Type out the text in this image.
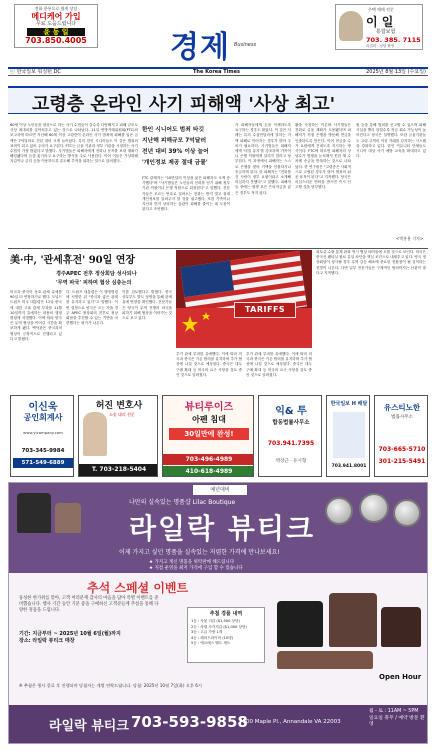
전화 한통으로 쉽게 상담
메디케어 가입
무료 도움드립니다
윤 동 일
703.850.4005	경제 Business
주택 매매 전문
이 일
통합보험
703. 385. 7115
리얼터 · 상담 환영
ⓒ 한국일보 워싱턴 DC	The Korea Times	2025년 8월 13일 (수요일)
고령층 온라인 사기 피해액 '사상 최고'
60세 이상 노인들을 대상으로 하는 사기 수법들이 갈수록 다양해지고 피해 규모도 사상 최대치를 갈아치우고 있는 것으로 나타났다. 11일 연방거래위원회(FTC)의 보고서에 따르면 지난해 60세 이상 고령층이 온라인 사기 범죄에 피해를 입은 금액은 7억달러로 전년 대비 크게 늘어났다. 특히 한인 시니어들도 이 같은 범죄의 표적이 되고 있어 주의가 요구된다. FTC는 금융 기관과 정부 기관을 사칭하는 사기 수법이 가장 많았다고 밝혔다. 사기범들은 피해자에게 전화나 문자를 보내 계좌가 해킹됐다며 돈을 옮기라고 요구하는 방식을 주로 사용한다. 이어 이들은 가상화폐 지갑이나 금괴 등을 이용하도록 유도해 추적을 피하는 것으로 알려졌다.
한인 시니어도 범죄 타깃
지난해 피해규모 7억달러
전년 대비 39% 이상 늘어
'개인정보 제공 절대 금물'
FTC 관계자는 "10만달러 이상을 잃은 피해자도 크게 증가했다"며 "사기범들은 노인들의 신뢰를 얻기 위해 정부기관 직원이나 은행 직원으로 위장한다"고 말했다. 전문가들은 모르는 번호로 걸려오는 전화는 받지 말고 절대 개인정보를 알려주지 말 것을 권고했다. 또한 가족이나 지인과 먼저 상의하는 습관이 피해를 줄이는 데 도움이 된다고 조언했다.
가 피해자들에게 돈을 이체하도록 요구하는 경우도 많았다. 이 같은 사례는 특히 수십만달러에 달하는 거액 피해로 이어지는 경우가 많아 주의가 필요하다. 사기범들은 피해자에게 '비밀 유지'를 강조하며 가족이나 은행 직원에게 알리지 말라고 당부한다. 이 과정에서 피해자는 스스로 은행을 찾아 거액을 인출하거나 송금하게 된다. 한 피해자는 "전화를 건 사람이 정부 요원이라고 소개해 의심하지 못했다"고 말했다. 피해자들 중에는 평생 모은 은퇴자금을 잃은 경우도 적지 않다.
활을 사칭하는 이른바 사기범들은 전화로 금융 계좌가 도용됐다며 피해자가 직접 은행을 방문해 현금을 인출하도록 만든다. 이어 현금을 수거 요원에게 건네도록 지시하는 방식이다. FTC에 따르면 피해자의 상당수가 범행을 눈치채지 못한 채 수차례 송금을 반복하는 것으로 나타났다. 한 연구원은 "고령층은 사회적으로 고립된 경우가 많아 범죄의 쉬운 표적이 된다"고 지적했다. 당국은 의심스러운 연락을 받으면 즉시 신고할 것을 당부했다.
원 등을 통해 범죄를 신고할 수 있으며 피해 사실을 빨리 알릴수록 자금 회수 가능성이 높아진다고 당국은 설명했다. 또한 금융기관들도 고령 고객의 이상 거래를 감지하는 시스템을 강화하고 있다. 한인 커뮤니티 단체들도 시니어 대상 사기 예방 교육을 확대하고 있다.
<박홍용 기자>
美·中, '관세휴전' 90일 연장
경주APEC 전후 정상회담 성사되나
'무역 파국' 피하며 협상 심층논의
미국과 중국이 상호 관세 유예를 90일 더 연장하기로 했다. 도널드 트럼프 미국 대통령은 11일 중국에 대한 고율 관세 부과를 11월 10일까지 유예하는 내용의 행정명령에 서명했다. 이에 따라 양국은 무역 협상을 이어갈 시간을 확보하게 됐다. 백악관은 중국과의 협상이 긍정적으로 진행되고 있다고 밝혔다.
다. 트럼프 대통령은 이 행정명령에 서명한 뒤 "중국과 좋은 관계를 유지하고 있다"고 말했다. 이번 결정으로 양국은 오는 가을 경주 APEC 정상회의 전후로 정상회담을 추진할 수 있는 기반을 마련했다는 평가가 나온다.
이를 검토했다고 밝혔다. 중국 상무부도 별도 성명을 통해 관세 유예 연장을 확인했다. 전문가들은 양국이 무역 전쟁의 파국을 피하기 위해 협상을 이어가는 것으로 보고 있다.
TARIFFS
추가 관세 부과를 유예했다. 이에 따라 미국과 중국은 기존 합의를 유지하며 추가 협상에 나설 것으로 예상된다. 중국은 대두 구매 확대 등 미국의 요구 사항을 검토 중인 것으로 알려졌다.
추가 관세 부과를 유예했다. 이에 따라 미국과 중국은 기존 합의를 유지하며 추가 협상에 나설 것으로 예상된다. 중국은 대두 구매 확대 등 미국의 요구 사항을 검토 중인 것으로 알려졌다.
희토류 수출 통제 완화 역시 협상 테이블에 오를 것으로 보인다. 미국은 중국산 펜타닐 원료 유입 차단을 핵심 조건으로 내세우고 있다. 양국 정상회담이 성사될 경우 무역 갈등 해소에 중요한 전환점이 될 것이라는 전망이 나온다. 다만 일부 전문가들은 구체적인 합의까지는 난관이 많다고 지적했다.
이신욱
공인회계사
www.yicompany.com
703-345-9984
571-549-6889
허진 변호사
소송 대리 전문
T. 703-218-5404
뷰티루이즈
아펜 침대
30일만에 완성!
703-496-4989
410-618-4989
익& 투
합동법률사무소
703.941.7395
박상근 · 유시형
한국일보 H 배달
703.941.8001
유스티노한
법률사무소
703-665-5710
301-215-5491
예년대비
나만의 실속있는 명품샵 Lilac Boutique
라일락 뷰티크
이제 가지고 싶던 명품을 실속있는 저렴한 가격에 만나보세요!
★ 가지고 계신 명품을 위탁판매 해드립니다
★ 지점 운영을 최저 가격에 구입 할 수 있습니다
추석 스페셜 이벤트
풍성한 한가위를 맞아, 고객 여러분께 감사의 마음을 담아 특별 이벤트를 준비했습니다. 행사 기간 동안 기분 좋을 구매하신 고객분들께 추첨을 통해 다양한 경품을 드립니다.
기간: 지금부터 ~ 2025년 10월 6일(월)까지
장소: 라일락 뷰티크 매장
추첨 경품 내역
1등 : 사물 지갑 ($1,500 상당)
2등 : 샤넬 사각지갑 ($1,000 상당)
3등 : 고급 가방 1개
4등 : 헤어드라이어 (10명)
5등 : 에르메스 벨트 세트
※ 추첨은 행사 종료 후 진행되며 당첨자는 개별 연락드립니다. 당첨: 2025년 10월 7일(화) 오후 6시
Open Hour
라일락 뷰티크 703-593-9858
7300 Maple Pl., Annandale VA 22003
월 - 토 : 11AM ~ 5PM
일요일 휴무 / 예약 방문 환영
